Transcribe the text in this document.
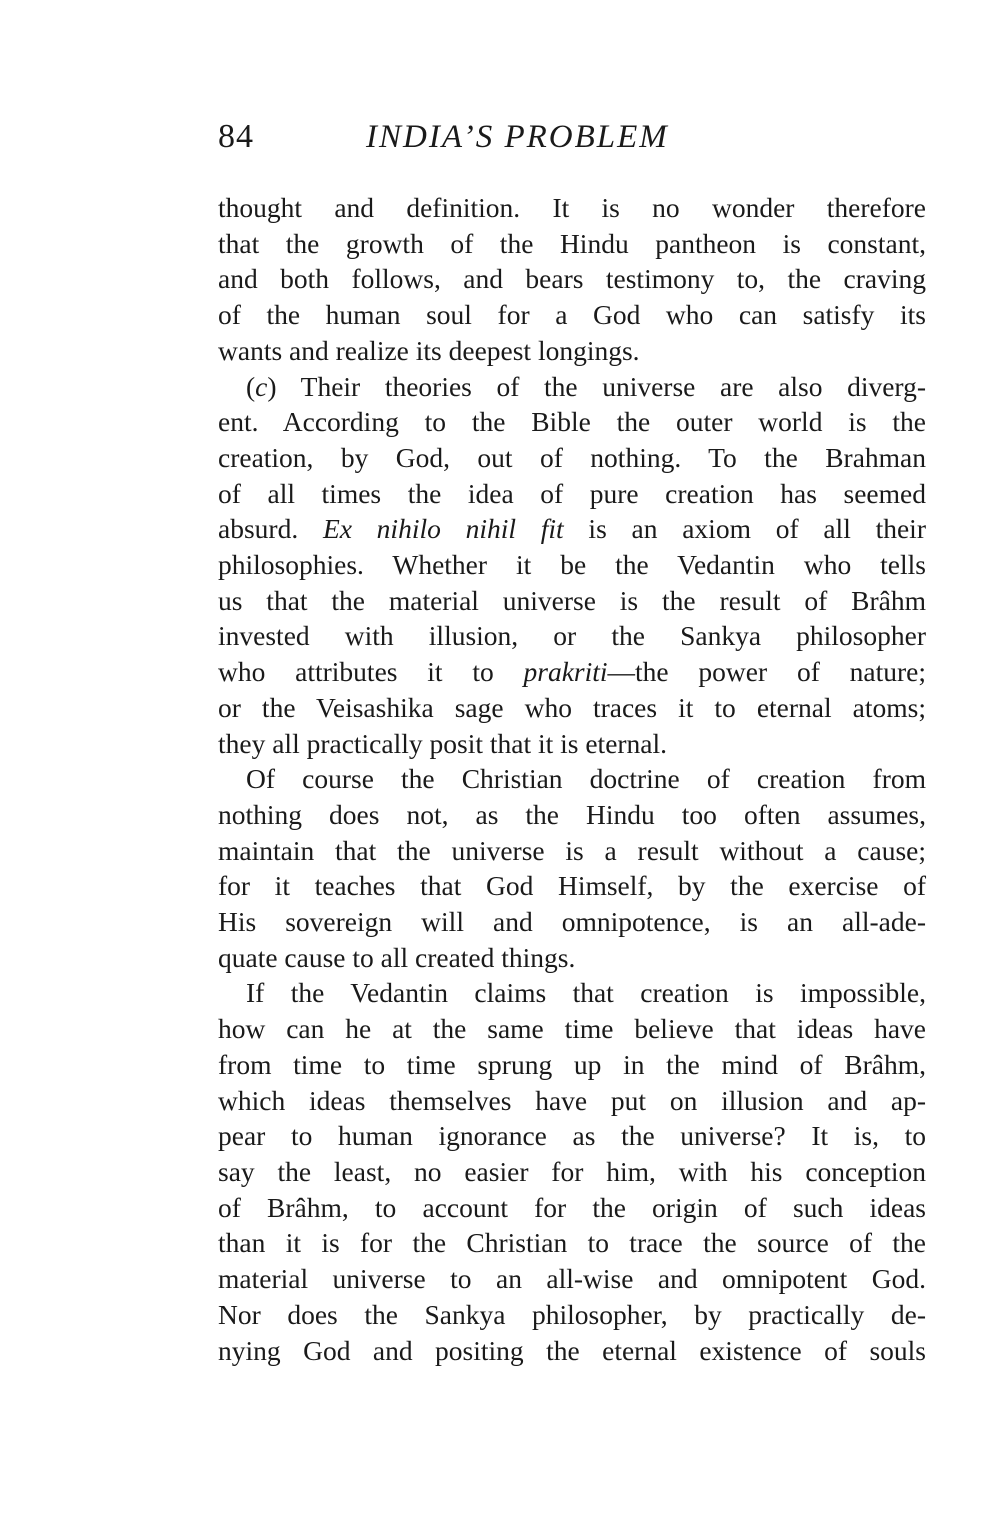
84	INDIA’S PROBLEM
thought and definition. It is no wonder therefore
that the growth of the Hindu pantheon is constant,
and both follows, and bears testimony to, the craving
of the human soul for a God who can satisfy its
wants and realize its deepest longings.
(c) Their theories of the universe are also diverg-
ent. According to the Bible the outer world is the
creation, by God, out of nothing. To the Brahman
of all times the idea of pure creation has seemed
absurd. Ex nihilo nihil fit is an axiom of all their
philosophies. Whether it be the Vedantin who tells
us that the material universe is the result of Brâhm
invested with illusion, or the Sankya philosopher
who attributes it to prakriti—the power of nature;
or the Veisashika sage who traces it to eternal atoms;
they all practically posit that it is eternal.
Of course the Christian doctrine of creation from
nothing does not, as the Hindu too often assumes,
maintain that the universe is a result without a cause;
for it teaches that God Himself, by the exercise of
His sovereign will and omnipotence, is an all-ade-
quate cause to all created things.
If the Vedantin claims that creation is impossible,
how can he at the same time believe that ideas have
from time to time sprung up in the mind of Brâhm,
which ideas themselves have put on illusion and ap-
pear to human ignorance as the universe? It is, to
say the least, no easier for him, with his conception
of Brâhm, to account for the origin of such ideas
than it is for the Christian to trace the source of the
material universe to an all-wise and omnipotent God.
Nor does the Sankya philosopher, by practically de-
nying God and positing the eternal existence of souls
